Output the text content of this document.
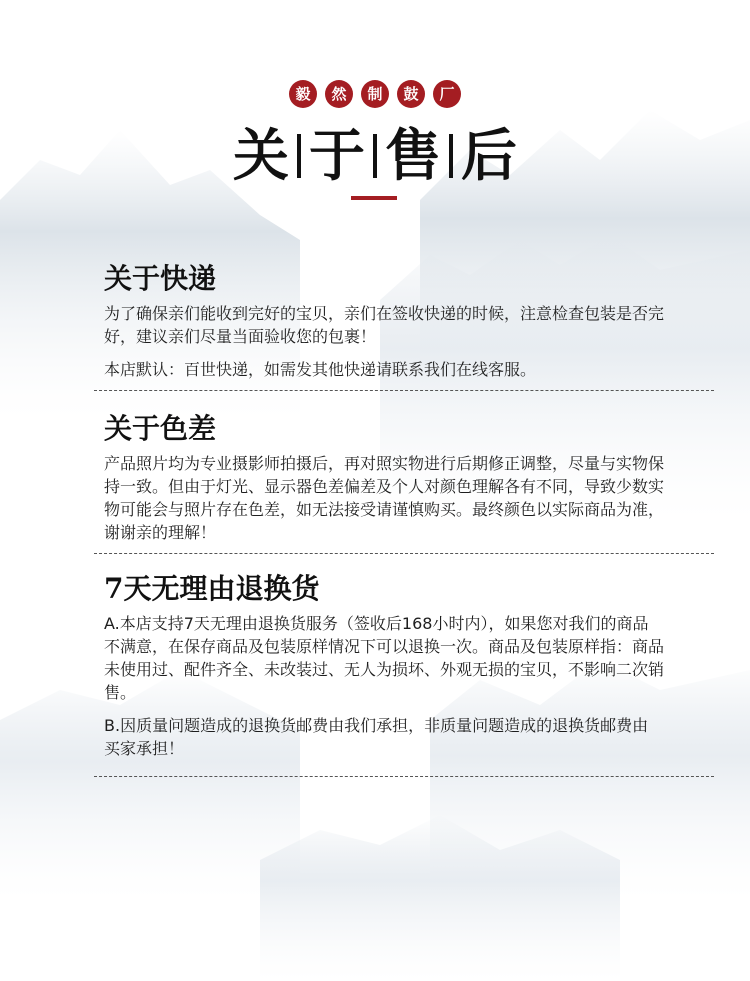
毅	然	制	鼓	厂
关 于 售 后
关于快递

为了确保亲们能收到完好的宝贝，亲们在签收快递的时候，注意检查包装是否完好，建议亲们尽量当面验收您的包裹！

本店默认：百世快递，如需发其他快递请联系我们在线客服。

关于色差

产品照片均为专业摄影师拍摄后，再对照实物进行后期修正调整，尽量与实物保持一致。但由于灯光、显示器色差偏差及个人对颜色理解各有不同，导致少数实物可能会与照片存在色差，如无法接受请谨慎购买。最终颜色以实际商品为准，谢谢亲的理解！

7天无理由退换货

A.本店支持7天无理由退换货服务（签收后168小时内），如果您对我们的商品不满意，在保存商品及包装原样情况下可以退换一次。商品及包装原样指：商品未使用过、配件齐全、未改装过、无人为损坏、外观无损的宝贝，不影响二次销售。

B.因质量问题造成的退换货邮费由我们承担，非质量问题造成的退换货邮费由买家承担！
